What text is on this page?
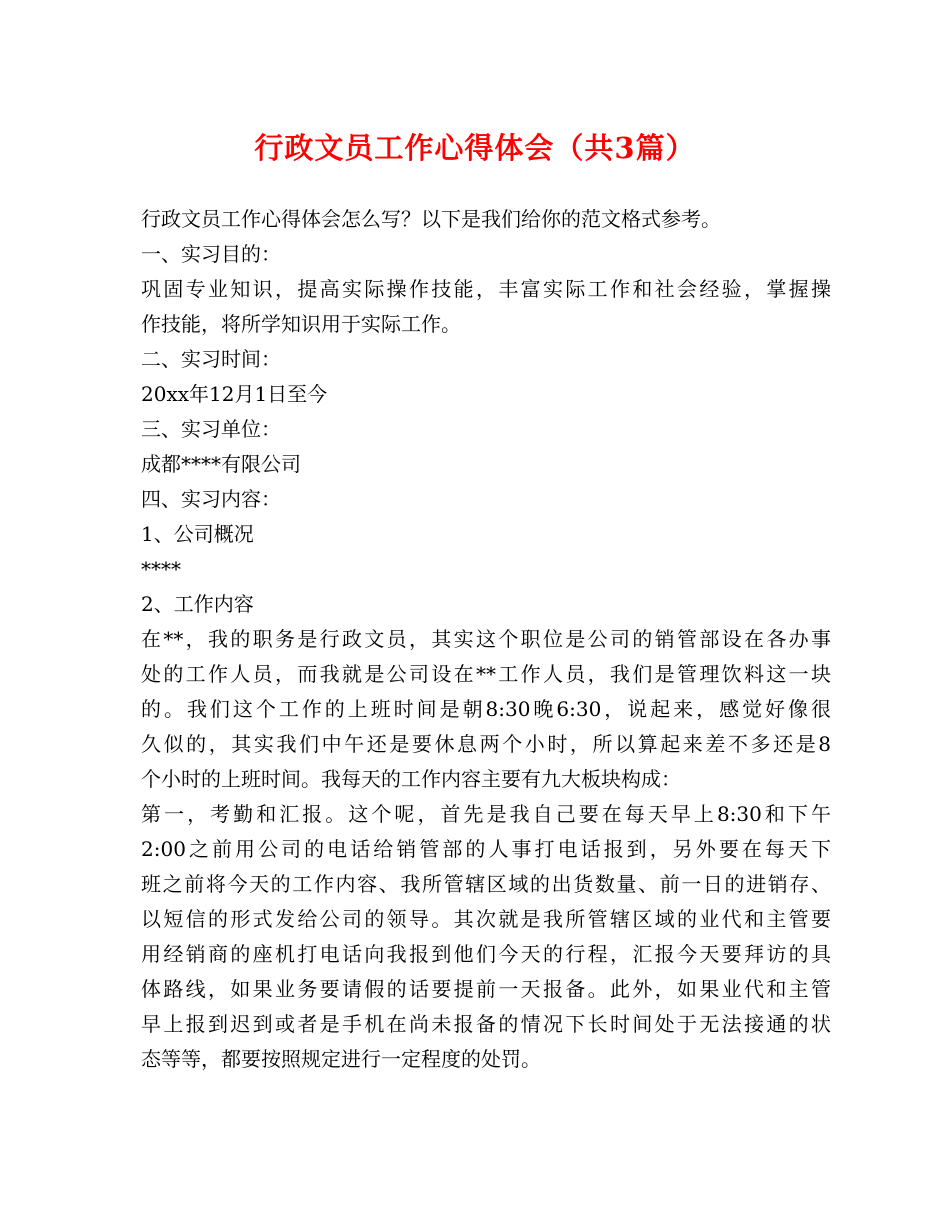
行政文员工作心得体会（共3篇）
行政文员工作心得体会怎么写？以下是我们给你的范文格式参考。
一、实习目的：
巩固专业知识，提高实际操作技能，丰富实际工作和社会经验，掌握操
作技能，将所学知识用于实际工作。
二、实习时间：
20xx年12月1日至今
三、实习单位：
成都****有限公司
四、实习内容：
1、公司概况
****
2、工作内容
在**，我的职务是行政文员，其实这个职位是公司的销管部设在各办事
处的工作人员，而我就是公司设在**工作人员，我们是管理饮料这一块
的。我们这个工作的上班时间是朝8:30晚6:30，说起来，感觉好像很
久似的，其实我们中午还是要休息两个小时，所以算起来差不多还是8
个小时的上班时间。我每天的工作内容主要有九大板块构成：
第一，考勤和汇报。这个呢，首先是我自己要在每天早上8:30和下午
2:00之前用公司的电话给销管部的人事打电话报到，另外要在每天下
班之前将今天的工作内容、我所管辖区域的出货数量、前一日的进销存、
以短信的形式发给公司的领导。其次就是我所管辖区域的业代和主管要
用经销商的座机打电话向我报到他们今天的行程，汇报今天要拜访的具
体路线，如果业务要请假的话要提前一天报备。此外，如果业代和主管
早上报到迟到或者是手机在尚未报备的情况下长时间处于无法接通的状
态等等，都要按照规定进行一定程度的处罚。
